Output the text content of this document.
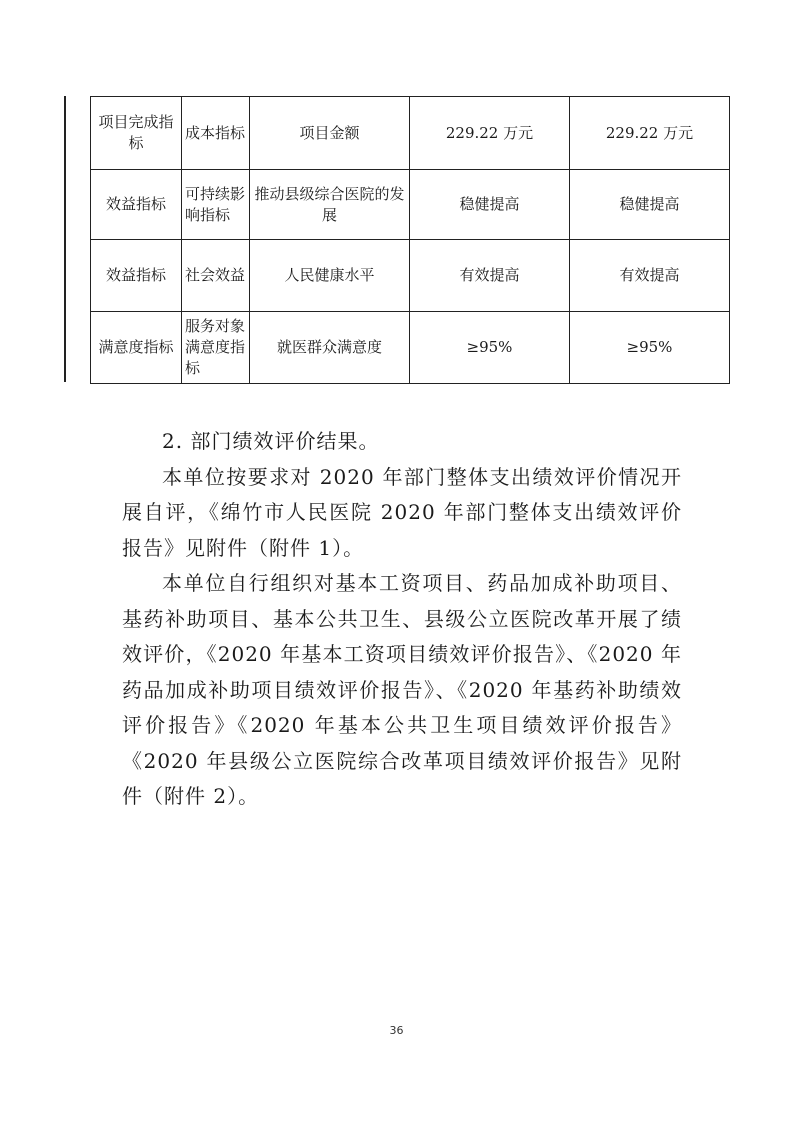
项目完成指标	成本指标	项目金额	229.22 万元	229.22 万元
效益指标	可持续影响指标	推动县级综合医院的发展	稳健提高	稳健提高
效益指标	社会效益	人民健康水平	有效提高	有效提高
满意度指标	服务对象满意度指标	就医群众满意度	≥95%	≥95%

2. 部门绩效评价结果。

本单位按要求对 2020 年部门整体支出绩效评价情况开展自评，《绵竹市人民医院 2020 年部门整体支出绩效评价报告》见附件（附件 1）。

本单位自行组织对基本工资项目、药品加成补助项目、基药补助项目、基本公共卫生、县级公立医院改革开展了绩效评价，《2020 年基本工资项目绩效评价报告》、《2020 年药品加成补助项目绩效评价报告》、《2020 年基药补助绩效评价报告》《2020 年基本公共卫生项目绩效评价报告》《2020 年县级公立医院综合改革项目绩效评价报告》见附件（附件 2）。

36
